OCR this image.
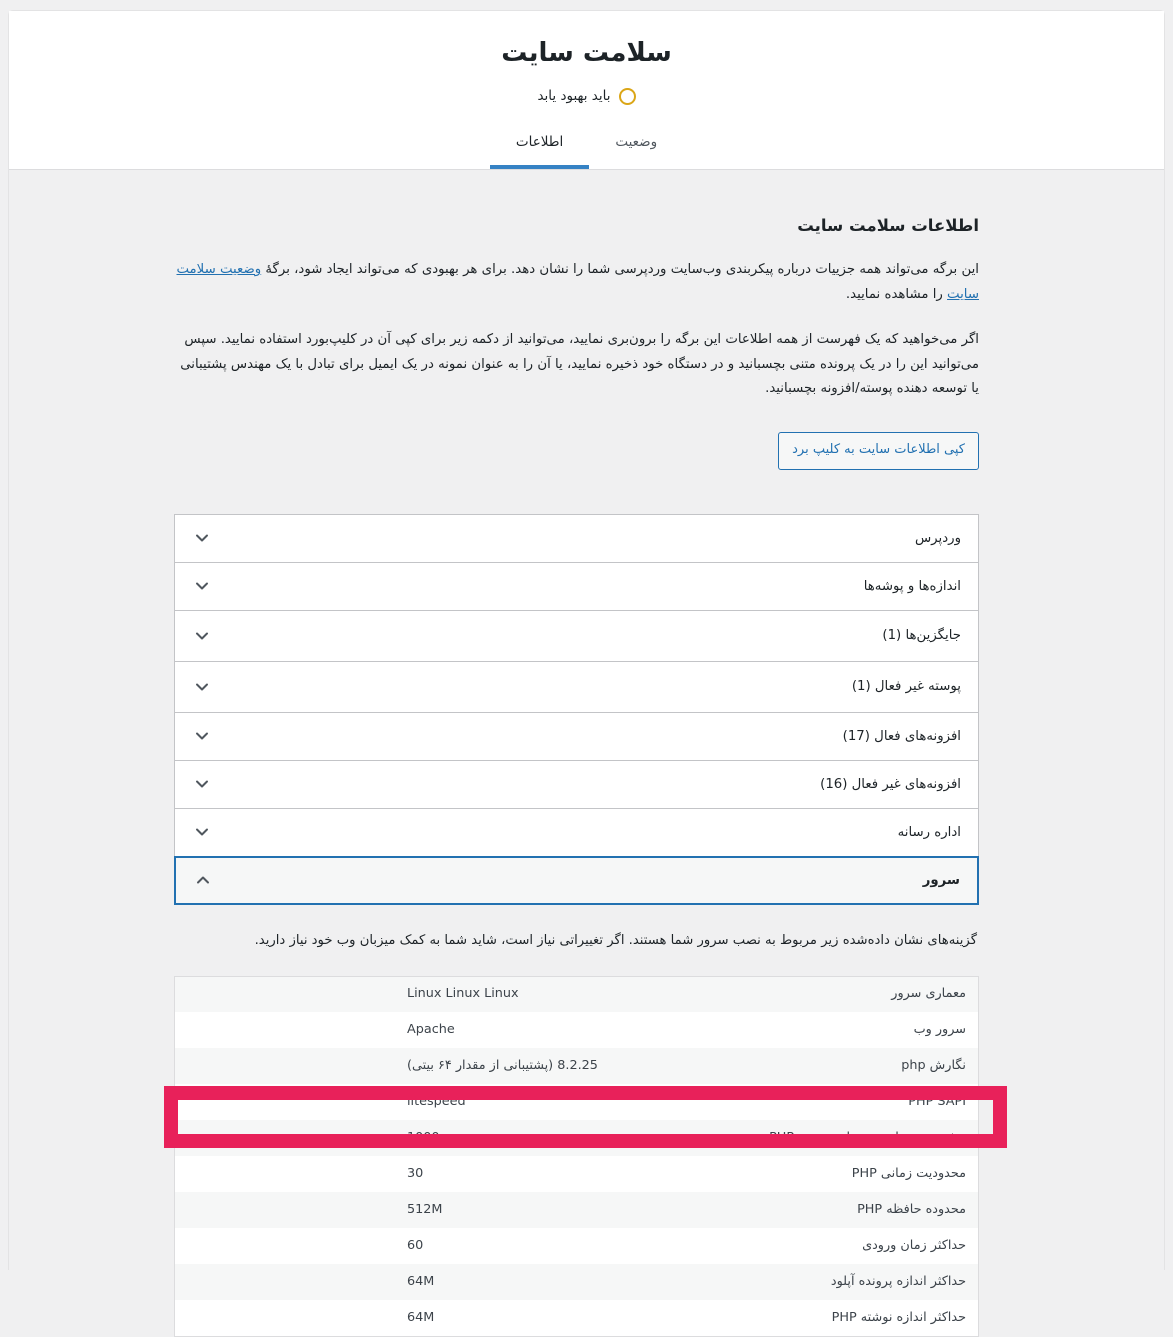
سلامت سایت
باید بهبود یابد
وضعیت
اطلاعات
اطلاعات سلامت سایت

این برگه می‌تواند همه جزییات درباره پیکربندی وب‌سایت وردپرسی شما را نشان دهد. برای هر بهبودی که می‌تواند ایجاد شود، برگهٔ وضعیت سلامت سایت را مشاهده نمایید.

اگر می‌خواهید که یک فهرست از همه اطلاعات این برگه را برون‌بری نمایید، می‌توانید از دکمه زیر برای کپی آن در کلیپ‌بورد استفاده نمایید. سپس می‌توانید این را در یک پرونده متنی بچسبانید و در دستگاه خود ذخیره نمایید، یا آن را به عنوان نمونه در یک ایمیل برای تبادل با یک مهندس پشتیبانی یا توسعه دهنده پوسته/افزونه بچسبانید.

کپی اطلاعات سایت به کلیپ برد
وردپرس
اندازه‌ها و پوشه‌ها
جایگزین‌ها (1)
پوسته غیر فعال (1)
افزونه‌های فعال (17)
افزونه‌های غیر فعال (16)
اداره رسانه
سرور
گزینه‌های نشان داده‌شده زیر مربوط به نصب سرور شما هستند. اگر تغییراتی نیاز است، شاید شما به کمک میزبان وب خود نیاز دارید.
معماری سرور	Linux Linux Linux
سرور وب	Apache
نگارش php	8.2.25 (پشتیبانی از مقدار ۶۴ بیتی)
PHP SAPI	litespeed
بیشترین مقدار متغیرهای ورودی PHP	1000
محدودیت زمانی PHP	30
محدوده حافظه PHP	512M
حداکثر زمان ورودی	60
حداکثر اندازه پرونده آپلود	64M
حداکثر اندازه نوشته PHP	64M
